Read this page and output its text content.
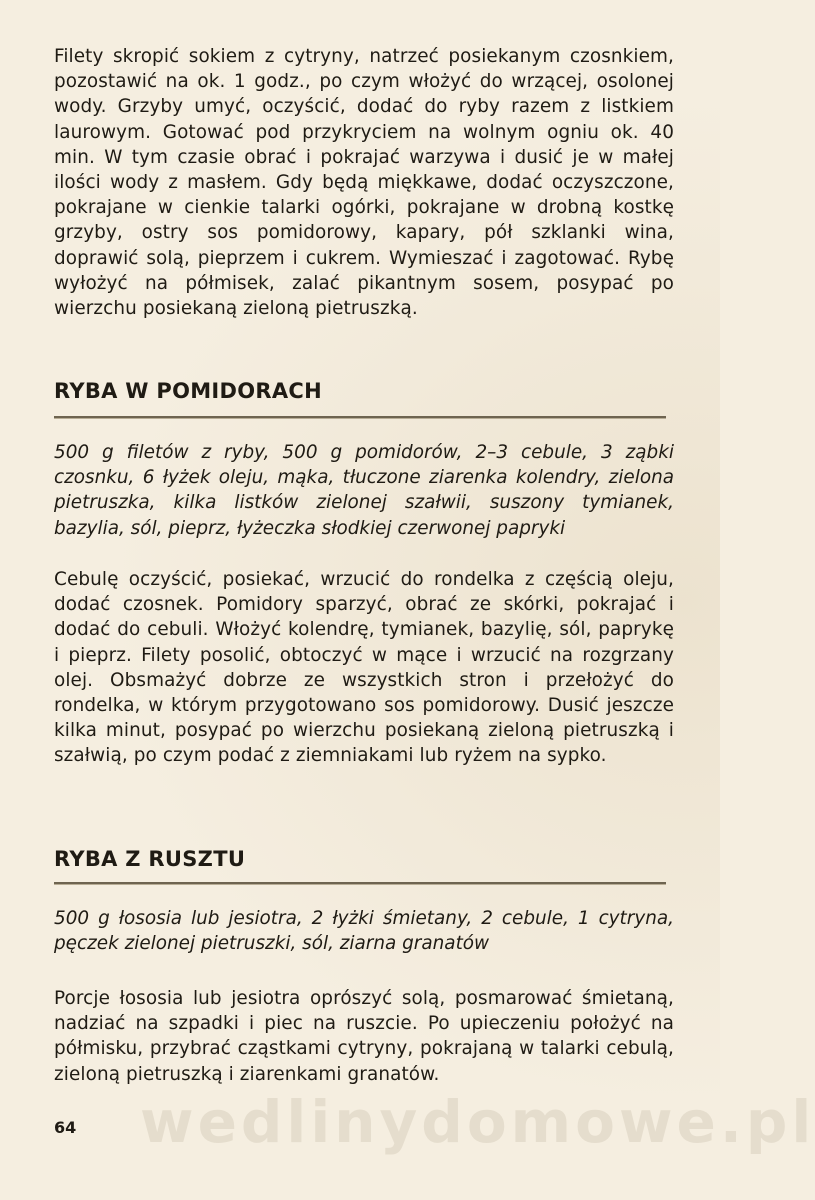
wedlinydomowe.pl

Filety skropić sokiem z cytryny, natrzeć posiekanym czosnkiem, pozostawić na ok. 1 godz., po czym włożyć do wrzącej, osolonej wody. Grzyby umyć, oczyścić, dodać do ryby razem z listkiem laurowym. Gotować pod przykryciem na wolnym ogniu ok. 40 min. W tym czasie obrać i pokrajać warzywa i dusić je w małej ilości wody z masłem. Gdy będą miękkawe, dodać oczyszczone, pokrajane w cienkie talarki ogórki, pokrajane w drobną kostkę grzyby, ostry sos pomidorowy, kapary, pół szklanki wina, doprawić solą, pieprzem i cukrem. Wymieszać i zagotować. Rybę wyłożyć na półmisek, zalać pikantnym sosem, posypać po wierzchu posiekaną zieloną pietruszką.

RYBA W POMIDORACH

500 g filetów z ryby, 500 g pomidorów, 2–3 cebule, 3 ząbki czosnku, 6 łyżek oleju, mąka, tłuczone ziarenka kolendry, zielona pietruszka, kilka listków zielonej szałwii, suszony tymianek, bazylia, sól, pieprz, łyżeczka słodkiej czerwonej papryki

Cebulę oczyścić, posiekać, wrzucić do rondelka z częścią oleju, dodać czosnek. Pomidory sparzyć, obrać ze skórki, pokrajać i dodać do cebuli. Włożyć kolendrę, tymianek, bazylię, sól, paprykę i pieprz. Filety posolić, obtoczyć w mące i wrzucić na rozgrzany olej. Obsmażyć dobrze ze wszystkich stron i przełożyć do rondelka, w którym przygotowano sos pomidorowy. Dusić jeszcze kilka minut, posypać po wierzchu posiekaną zieloną pietruszką i szałwią, po czym podać z ziemniakami lub ryżem na sypko.

RYBA Z RUSZTU

500 g łososia lub jesiotra, 2 łyżki śmietany, 2 cebule, 1 cytryna, pęczek zielonej pietruszki, sól, ziarna granatów

Porcje łososia lub jesiotra oprószyć solą, posmarować śmietaną, nadziać na szpadki i piec na ruszcie. Po upieczeniu położyć na półmisku, przybrać cząstkami cytryny, pokrajaną w talarki cebulą, zieloną pietruszką i ziarenkami granatów.

64
